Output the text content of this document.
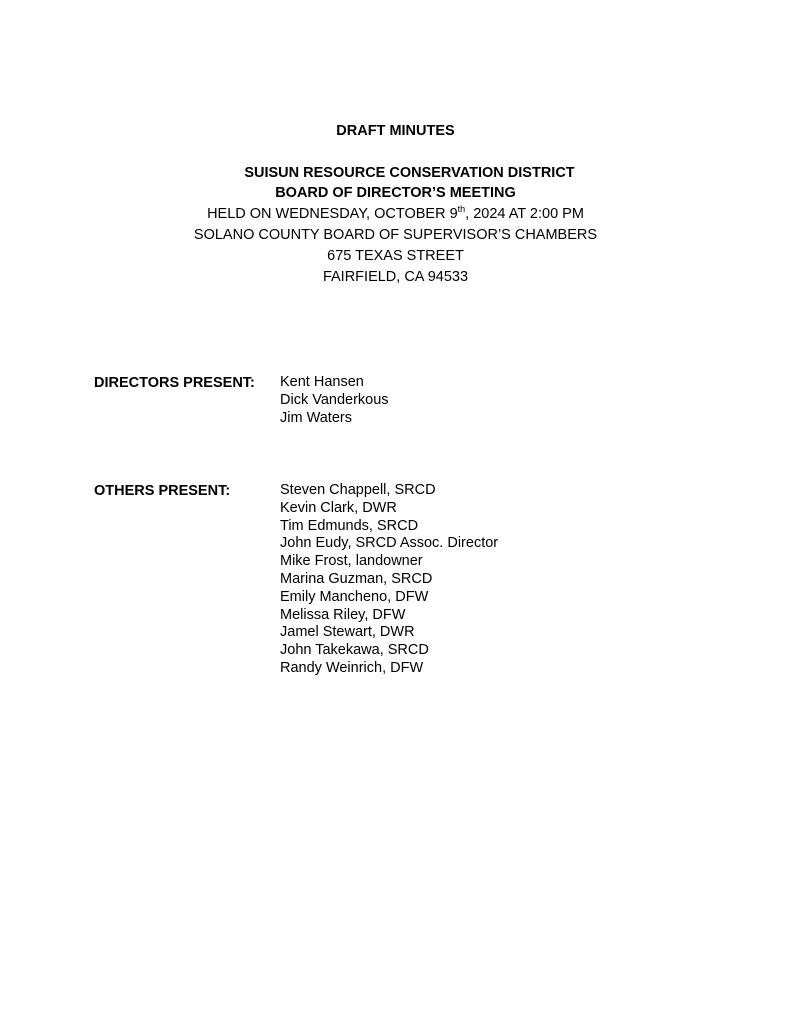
DRAFT MINUTES
SUISUN RESOURCE CONSERVATION DISTRICT
BOARD OF DIRECTOR’S MEETING
HELD ON WEDNESDAY, OCTOBER 9th, 2024 AT 2:00 PM
SOLANO COUNTY BOARD OF SUPERVISOR’S CHAMBERS
675 TEXAS STREET
FAIRFIELD, CA 94533
DIRECTORS PRESENT: Kent Hansen
Dick Vanderkous
Jim Waters
OTHERS PRESENT:	Steven Chappell, SRCD
Kevin Clark, DWR
Tim Edmunds, SRCD
John Eudy, SRCD Assoc. Director
Mike Frost, landowner
Marina Guzman, SRCD
Emily Mancheno, DFW
Melissa Riley, DFW
Jamel Stewart, DWR
John Takekawa, SRCD
Randy Weinrich, DFW
